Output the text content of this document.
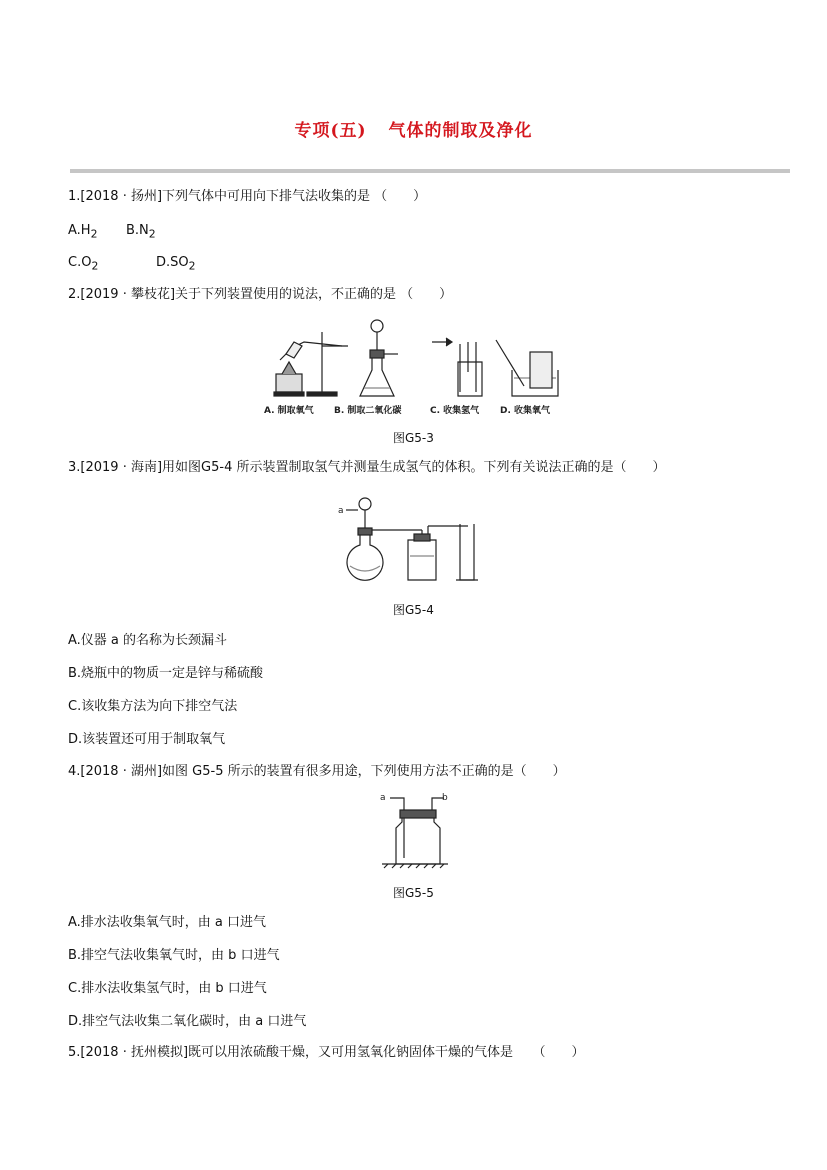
专项(五) 气体的制取及净化
1.[2018 · 扬州]下列气体中可用向下排气法收集的是 （　　）
$A.H_2$ $B.N_2$
$C.O_2$	$D.SO_2$
2.[2019 · 攀枝花]关于下列装置使用的说法，不正确的是 （　　）
A. 制取氧气 B. 制取二氧化碳	C. 收集氢气 D. 收集氧气
图G5-3
3.[2019 · 海南]用如图G5-4 所示装置制取氢气并测量生成氢气的体积。下列有关说法正确的是（　　）
a
图G5-4
A.仪器 a 的名称为长颈漏斗
B.烧瓶中的物质一定是锌与稀硫酸
C.该收集方法为向下排空气法
D.该装置还可用于制取氧气
4.[2018 · 湖州]如图 G5-5 所示的装置有很多用途，下列使用方法不正确的是（　　）
a	b
图G5-5
A.排水法收集氧气时，由 a 口进气
B.排空气法收集氧气时，由 b 口进气
C.排水法收集氢气时，由 b 口进气
D.排空气法收集二氧化碳时，由 a 口进气
5.[2018 · 抚州模拟]既可以用浓硫酸干燥，又可用氢氧化钠固体干燥的气体是　　（　　）
